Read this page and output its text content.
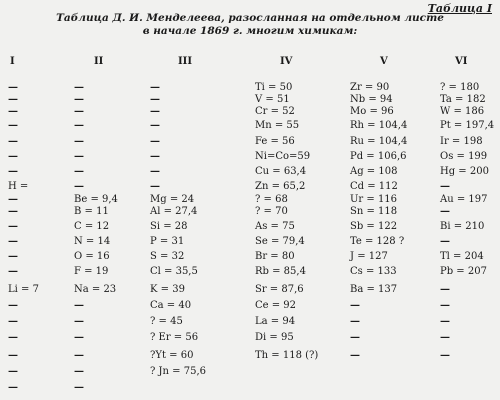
Таблица I
Таблица Д. И. Менделеева, разосланная на отдельном листе
в начале 1869 г. многим химикам:
I
—
—
—
—
—
—
—
H =
—
—
—
—
—
—
Li = 7
—
—
—
—
—
—
II
—
—
—
—
—
—
—
—
Be = 9,4
B = 11
C = 12
N = 14
O = 16
F = 19
Na = 23
—
—
—
—
—
—
III
—
—
—
—
—
—
—
—
Mg = 24
Al = 27,4
Si = 28
P = 31
S = 32
Cl = 35,5
K = 39
Ca = 40
? = 45
? Er = 56
?Yt = 60
? Jn = 75,6
IV
Ti = 50
V = 51
Cr = 52
Mn = 55
Fe = 56
Ni=Co=59
Cu = 63,4
Zn = 65,2
? = 68
? = 70
As = 75
Se = 79,4
Br = 80
Rb = 85,4
Sr = 87,6
Ce = 92
La = 94
Di = 95
Th = 118 (?)
V
Zr = 90
Nb = 94
Mo = 96
Rh = 104,4
Ru = 104,4
Pd = 106,6
Ag = 108
Cd = 112
Ur = 116
Sn = 118
Sb = 122
Te = 128 ?
J = 127
Cs = 133
Ba = 137
—
—
—
—
VI
? = 180
Ta = 182
W = 186
Pt = 197,4
Ir = 198
Os = 199
Hg = 200
—
Au = 197
—
Bi = 210
—
Tl = 204
Pb = 207
—
—
—
—
—
